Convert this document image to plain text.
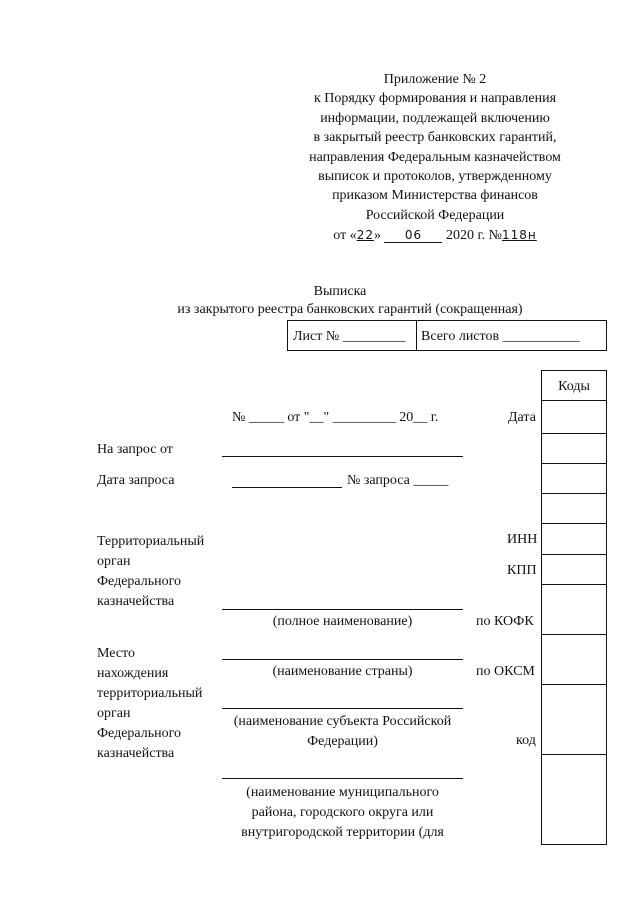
Приложение № 2
к Порядку формирования и направления
информации, подлежащей включению
в закрытый реестр банковских гарантий,
направления Федеральным казначейством
выписок и протоколов, утвержденному
приказом Министерства финансов
Российской Федерации
от «22» 06 2020 г. №118н
Выписка
из закрытого реестра банковских гарантий (сокращенная)
Лист № _________ Всего листов ___________
Коды
№ _____ от "__" _________ 20__ г.	Дата
На запрос от
Дата запроса	№ запроса _____
Территориальный
орган
Федерального
казначейства
ИНН
КПП
(полное наименование)	по КОФК
Место
нахождения
территориальный
орган
Федерального
казначейства
(наименование страны)	по ОКСМ
(наименование субъекта Российской
Федерации)	код
(наименование муниципального
района, городского округа или
внутригородской территории (для
